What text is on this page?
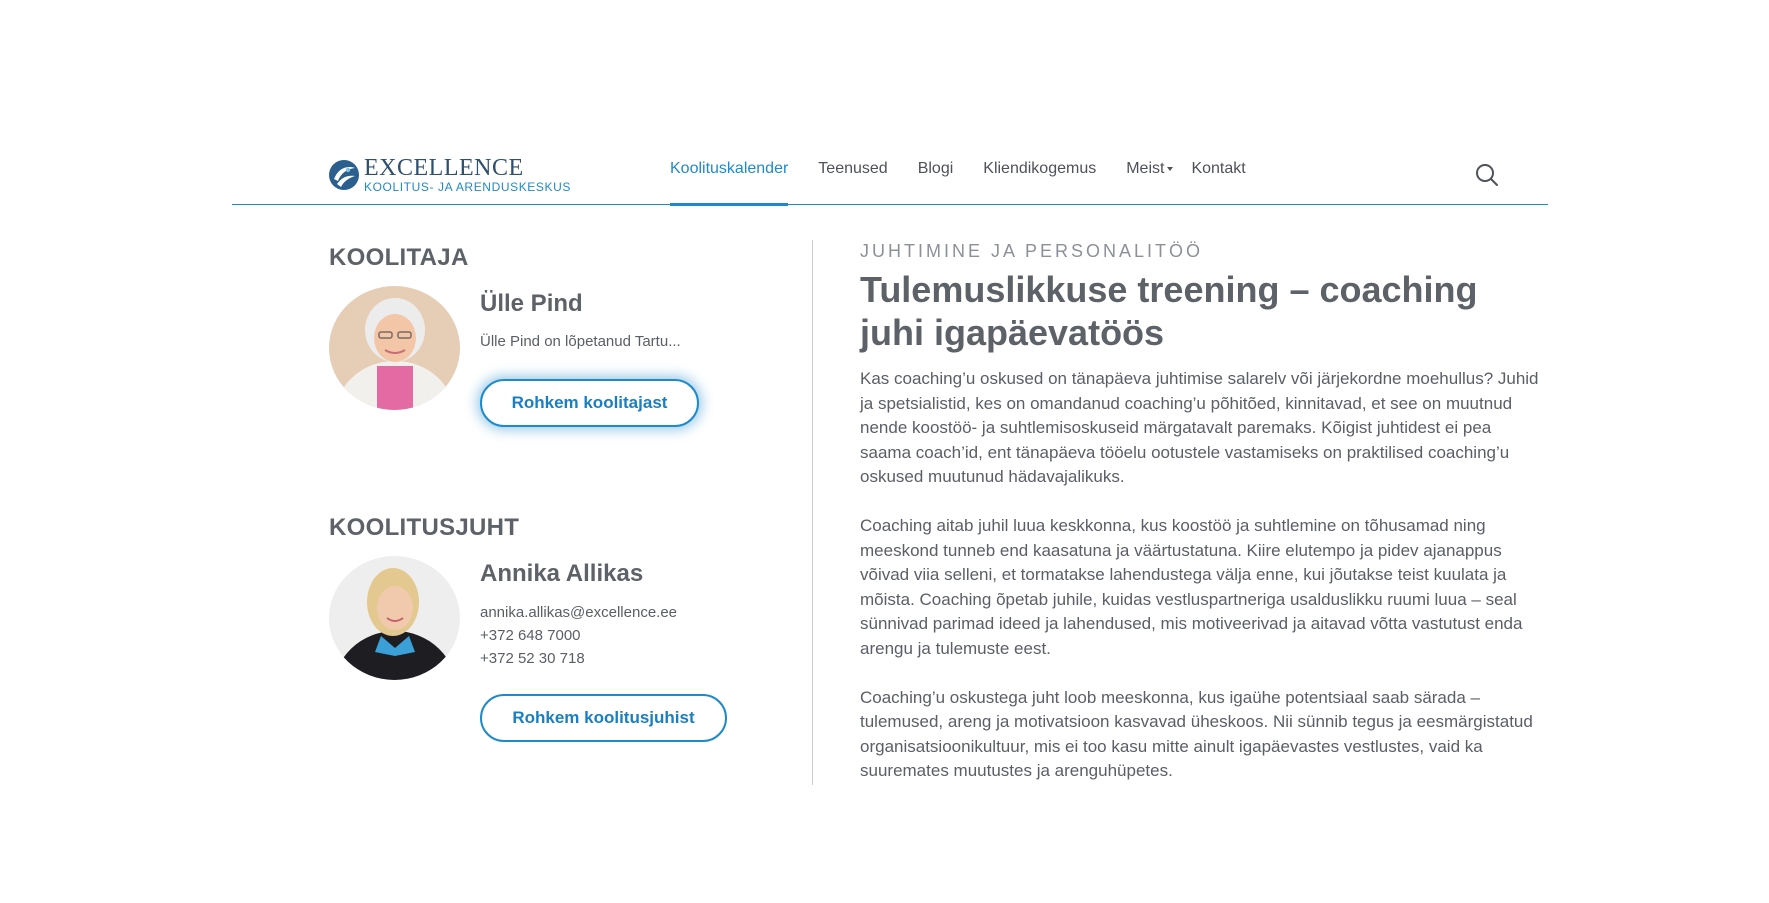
EXCELLENCE
KOOLITUS- JA ARENDUSKESKUS
Koolituskalender Teenused Blogi Kliendikogemus Meist Kontakt
KOOLITAJA
Ülle Pind
Ülle Pind on lõpetanud Tartu...
Rohkem koolitajast
KOOLITUSJUHT
Annika Allikas
annika.allikas@excellence.ee
+372 648 7000
+372 52 30 718
Rohkem koolitusjuhist
JUHTIMINE JA PERSONALITÖÖ
Tulemuslikkuse treening – coaching juhi igapäevatöös

Kas coaching’u oskused on tänapäeva juhtimise salarelv või järjekordne moehullus? Juhid ja spetsialistid, kes on omandanud coaching’u põhitõed, kinnitavad, et see on muutnud nende koostöö- ja suhtlemisoskuseid märgatavalt paremaks. Kõigist juhtidest ei pea saama coach’id, ent tänapäeva tööelu ootustele vastamiseks on praktilised coaching’u oskused muutunud hädavajalikuks.

Coaching aitab juhil luua keskkonna, kus koostöö ja suhtlemine on tõhusamad ning meeskond tunneb end kaasatuna ja väärtustatuna. Kiire elutempo ja pidev ajanappus võivad viia selleni, et tormatakse lahendustega välja enne, kui jõutakse teist kuulata ja mõista. Coaching õpetab juhile, kuidas vestluspartneriga usalduslikku ruumi luua – seal sünnivad parimad ideed ja lahendused, mis motiveerivad ja aitavad võtta vastutust enda arengu ja tulemuste eest.

Coaching’u oskustega juht loob meeskonna, kus igaühe potentsiaal saab särada – tulemused, areng ja motivatsioon kasvavad üheskoos. Nii sünnib tegus ja eesmärgistatud organisatsioonikultuur, mis ei too kasu mitte ainult igapäevastes vestlustes, vaid ka suuremates muutustes ja arenguhüpetes.
